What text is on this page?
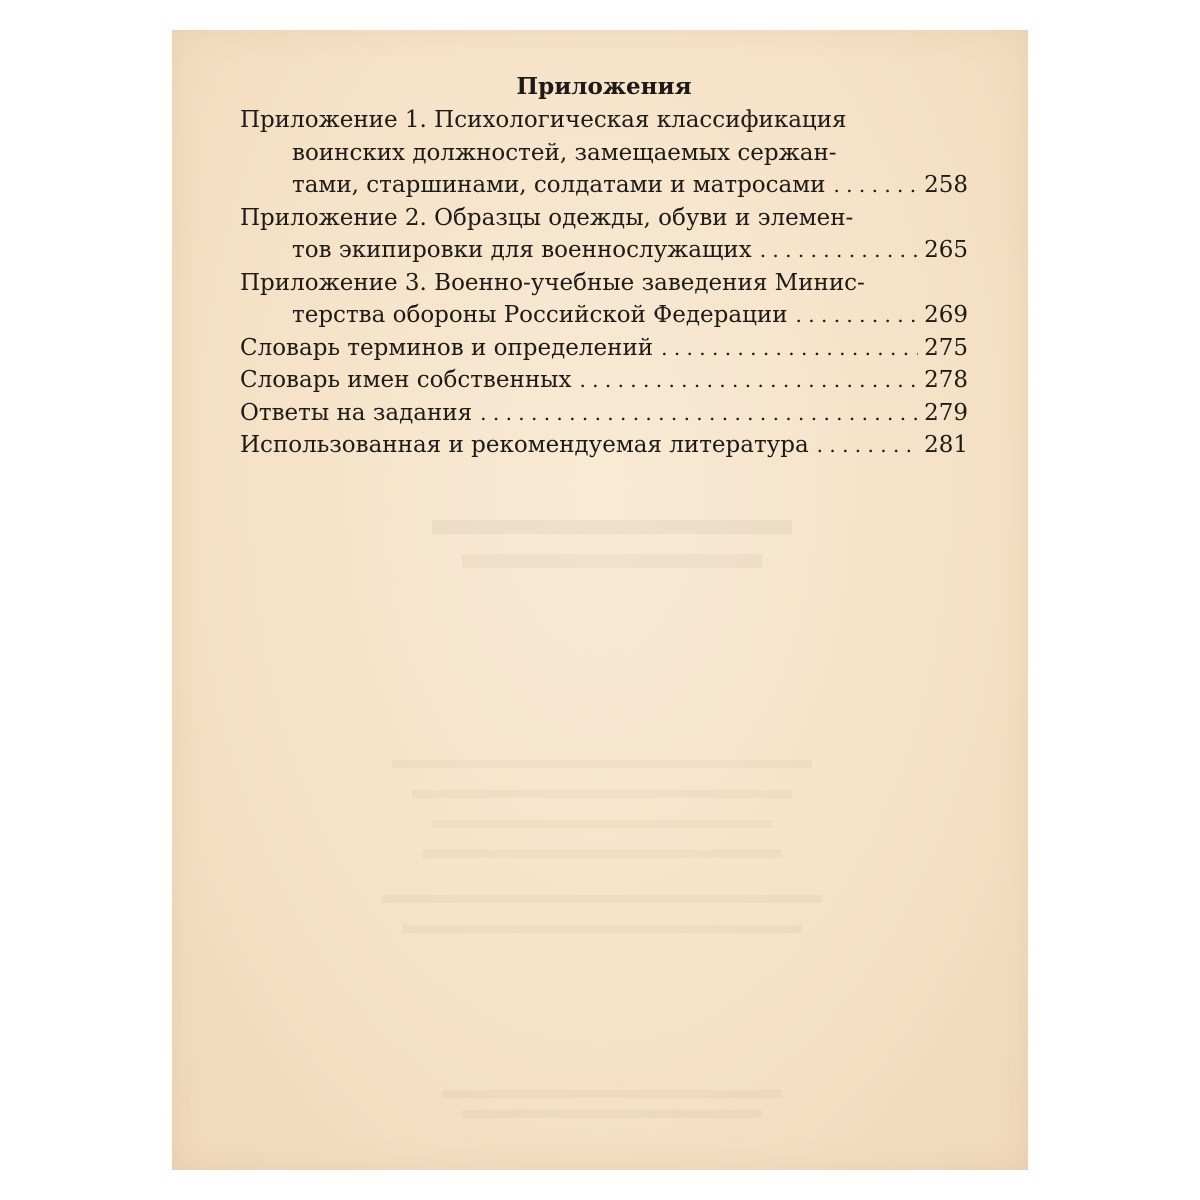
Приложения
Приложение 1. Психологическая классификация
воинских должностей, замещаемых сержан-
тами, старшинами, солдатами и матросами . . .	258
Приложение 2. Образцы одежды, обуви и элемен-
тов экипировки для военнослужащих . . .	265
Приложение 3. Военно-учебные заведения Минис-
терства обороны Российской Федерации . . .	269
Словарь терминов и определений . . .	275
Словарь имен собственных . . .	278
Ответы на задания . . .	279
Использованная и рекомендуемая литература . . .	281
